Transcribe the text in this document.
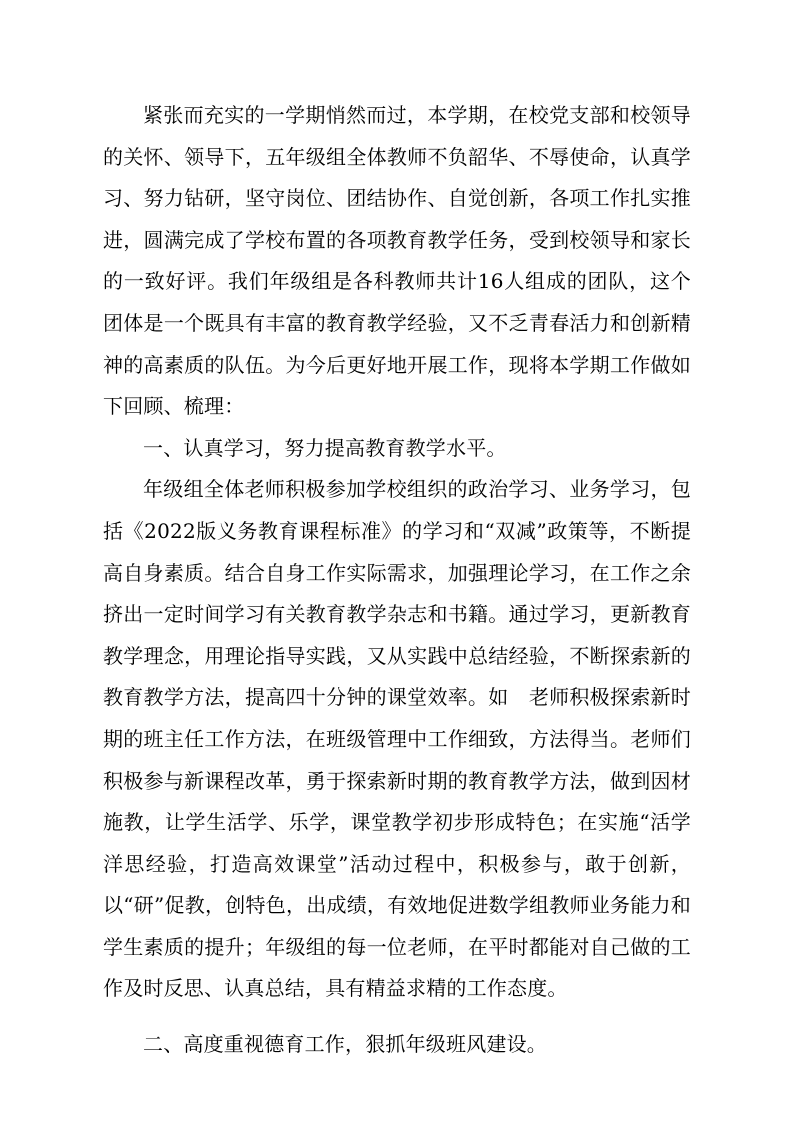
紧张而充实的一学期悄然而过，本学期，在校党支部和校领导的关怀、领导下，五年级组全体教师不负韶华、不辱使命，认真学习、努力钻研，坚守岗位、团结协作、自觉创新，各项工作扎实推进，圆满完成了学校布置的各项教育教学任务，受到校领导和家长的一致好评。我们年级组是各科教师共计16人组成的团队，这个团体是一个既具有丰富的教育教学经验，又不乏青春活力和创新精神的高素质的队伍。为今后更好地开展工作，现将本学期工作做如下回顾、梳理：

一、认真学习，努力提高教育教学水平。

年级组全体老师积极参加学校组织的政治学习、业务学习，包括《2022版义务教育课程标准》的学习和“双减”政策等，不断提高自身素质。结合自身工作实际需求，加强理论学习，在工作之余挤出一定时间学习有关教育教学杂志和书籍。通过学习，更新教育教学理念，用理论指导实践，又从实践中总结经验，不断探索新的教育教学方法，提高四十分钟的课堂效率。如　老师积极探索新时期的班主任工作方法，在班级管理中工作细致，方法得当。老师们积极参与新课程改革，勇于探索新时期的教育教学方法，做到因材施教，让学生活学、乐学，课堂教学初步形成特色；在实施“活学洋思经验，打造高效课堂”活动过程中，积极参与，敢于创新，以“研”促教，创特色，出成绩，有效地促进数学组教师业务能力和学生素质的提升；年级组的每一位老师，在平时都能对自己做的工作及时反思、认真总结，具有精益求精的工作态度。

二、高度重视德育工作，狠抓年级班风建设。
